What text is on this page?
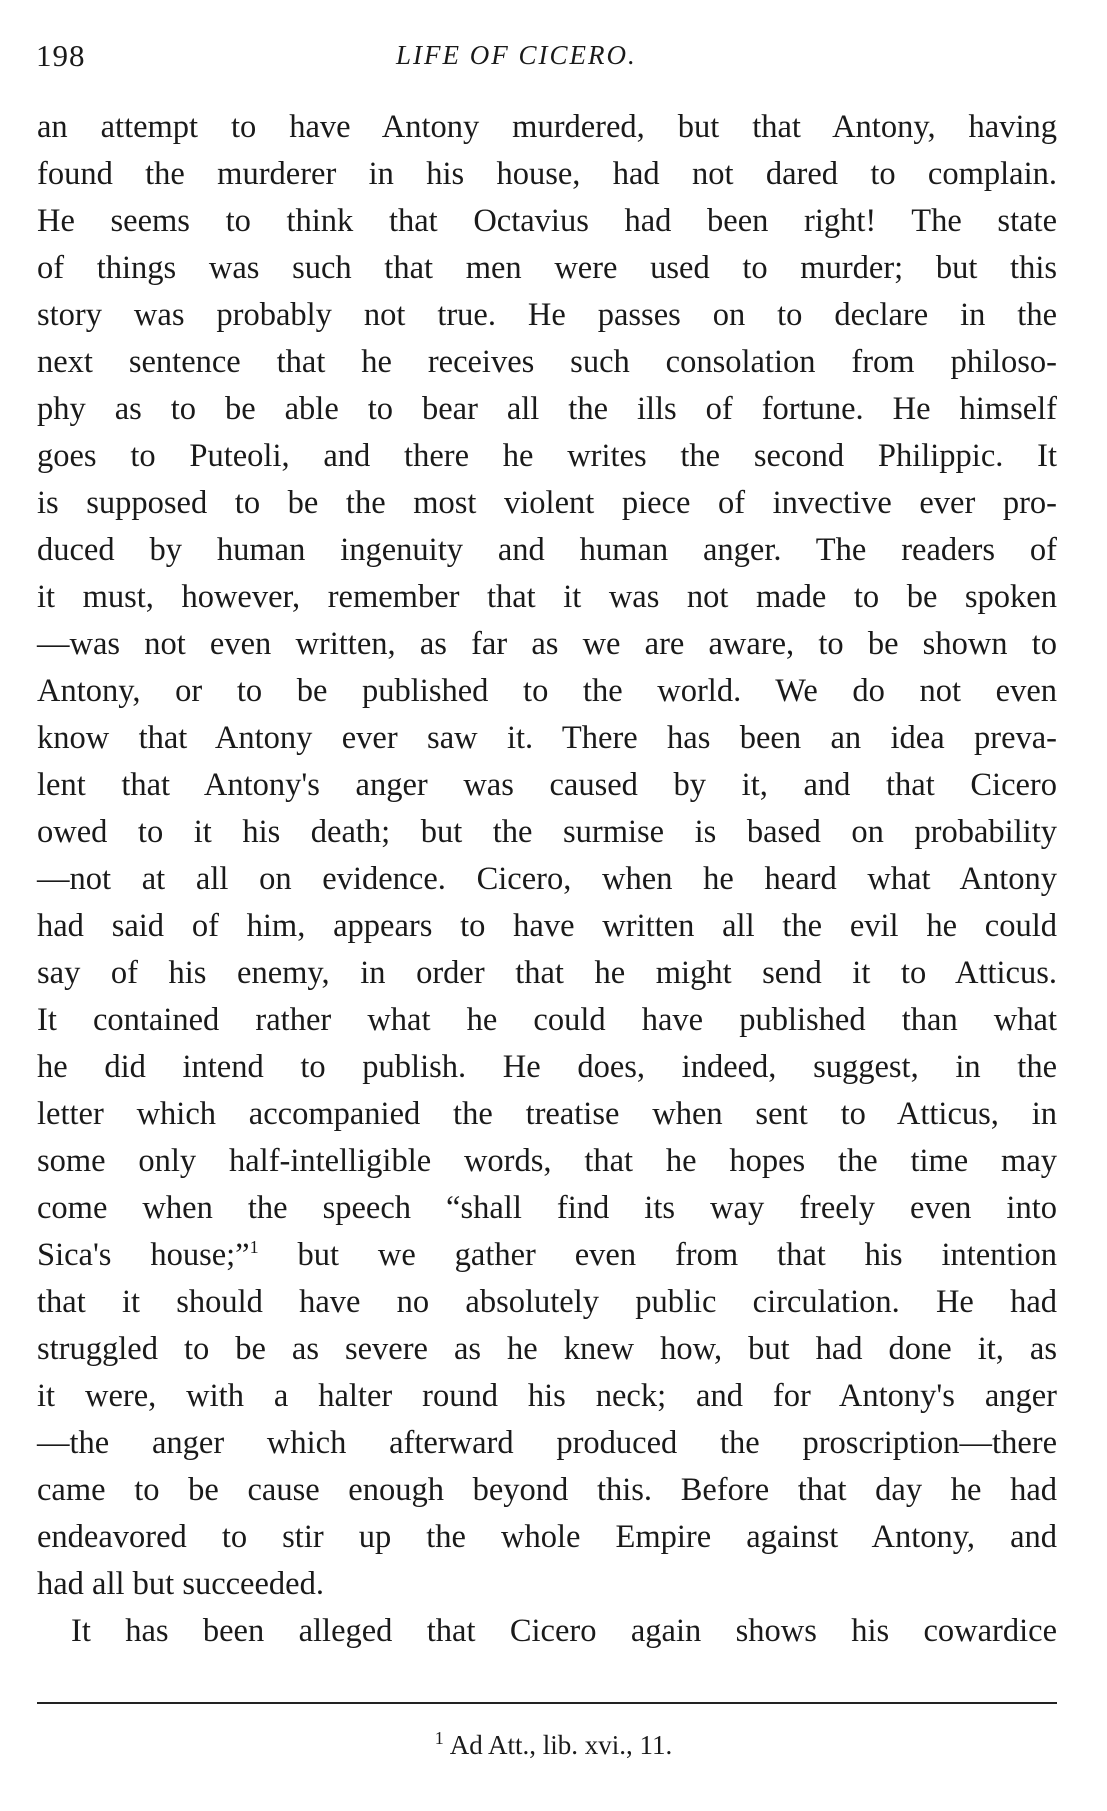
198	LIFE OF CICERO.
an attempt to have Antony murdered, but that Antony, having
found the murderer in his house, had not dared to complain.
He seems to think that Octavius had been right! The state
of things was such that men were used to murder; but this
story was probably not true. He passes on to declare in the
next sentence that he receives such consolation from philoso-
phy as to be able to bear all the ills of fortune. He himself
goes to Puteoli, and there he writes the second Philippic. It
is supposed to be the most violent piece of invective ever pro-
duced by human ingenuity and human anger. The readers of
it must, however, remember that it was not made to be spoken
—was not even written, as far as we are aware, to be shown to
Antony, or to be published to the world. We do not even
know that Antony ever saw it. There has been an idea preva-
lent that Antony's anger was caused by it, and that Cicero
owed to it his death; but the surmise is based on probability
—not at all on evidence. Cicero, when he heard what Antony
had said of him, appears to have written all the evil he could
say of his enemy, in order that he might send it to Atticus.
It contained rather what he could have published than what
he did intend to publish. He does, indeed, suggest, in the
letter which accompanied the treatise when sent to Atticus, in
some only half-intelligible words, that he hopes the time may
come when the speech “shall find its way freely even into
Sica's house;”$^1$ but we gather even from that his intention
that it should have no absolutely public circulation. He had
struggled to be as severe as he knew how, but had done it, as
it were, with a halter round his neck; and for Antony's anger
—the anger which afterward produced the proscription—there
came to be cause enough beyond this. Before that day he had
endeavored to stir up the whole Empire against Antony, and
had all but succeeded.
It has been alleged that Cicero again shows his cowardice
$^1$ Ad Att., lib. xvi., 11.
